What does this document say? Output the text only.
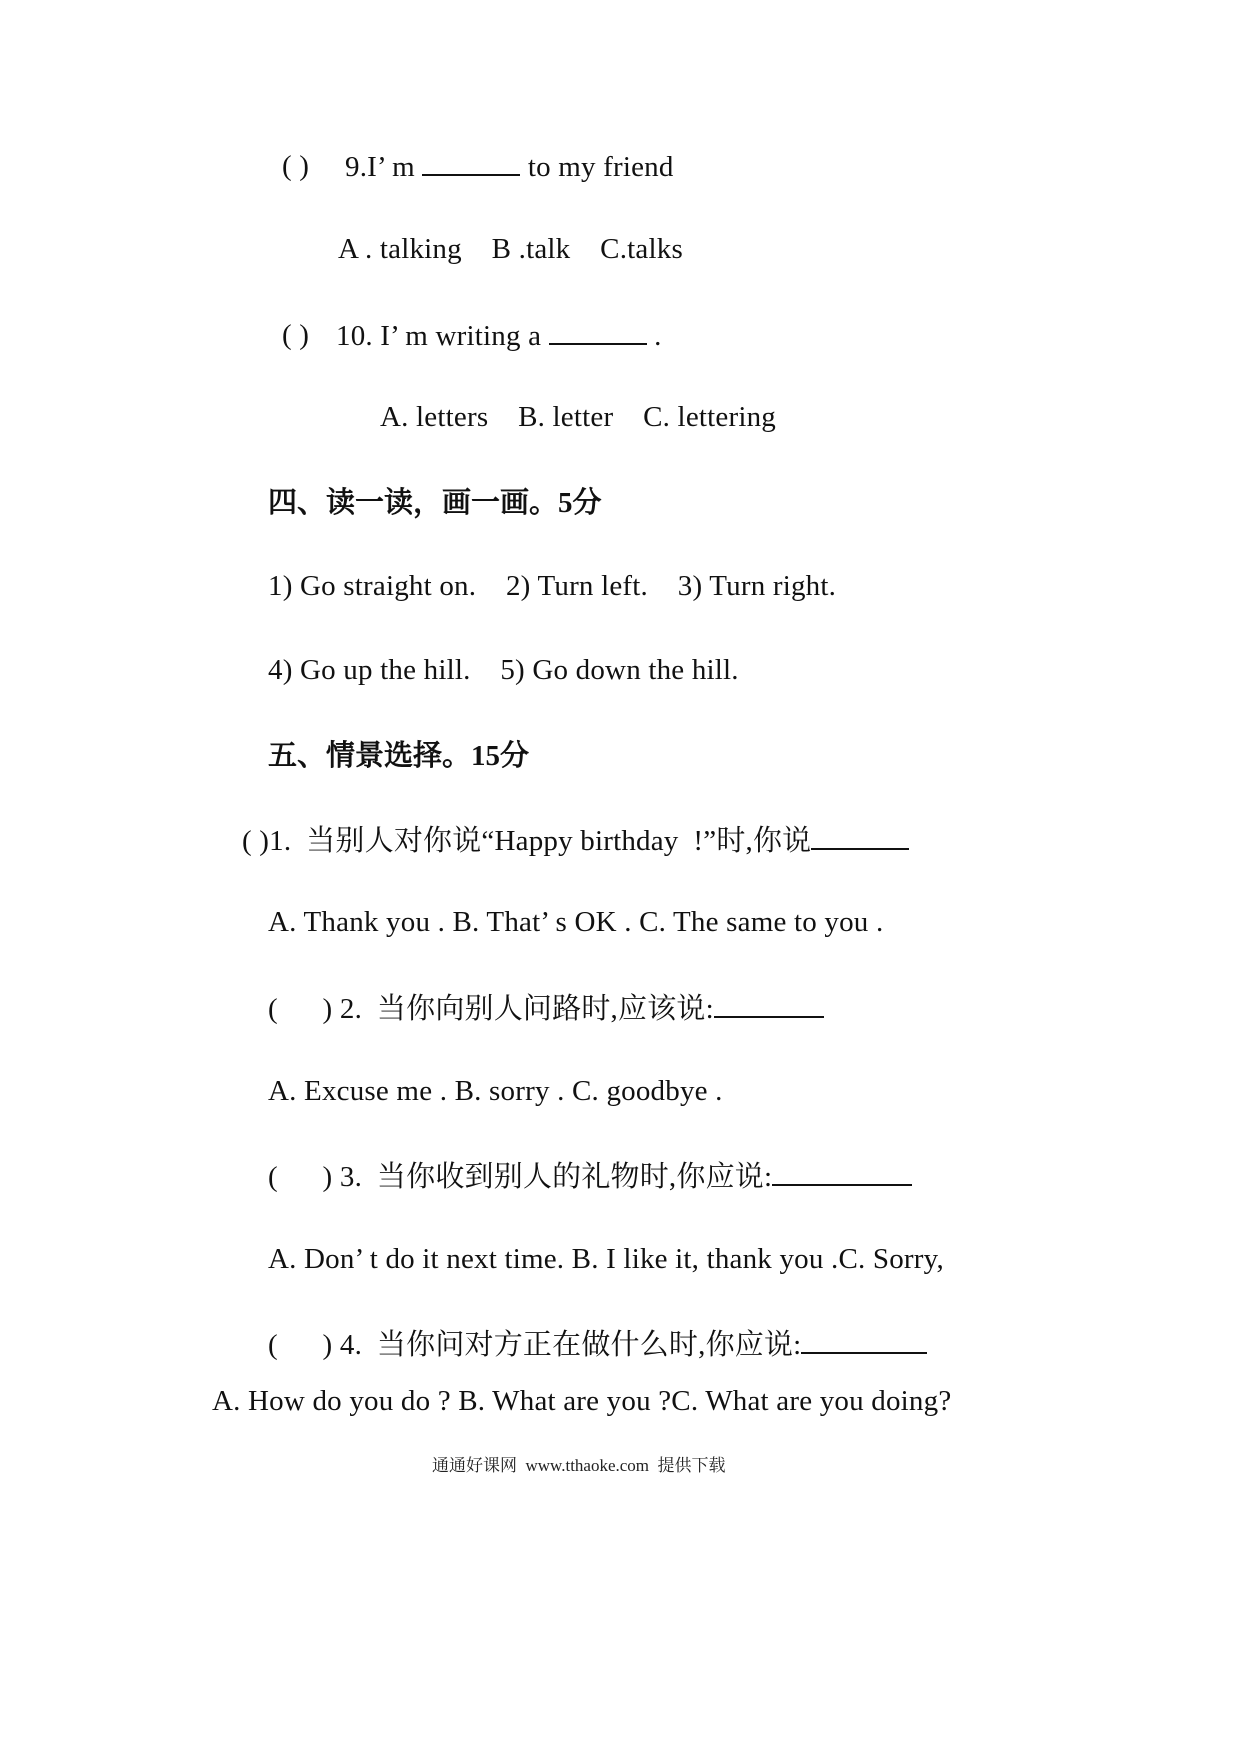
( ) 9.I’ m	to my friend
A . talking    B .talk    C.talks
( ) 10. I’ m writing a	.
A. letters    B. letter    C. lettering
四、读一读，画一画。5分
1) Go straight on.    2) Turn left.    3) Turn right.
4) Go up the hill.    5) Go down the hill.
五、情景选择。15分
( )1.  当别人对你说“Happy birthday  !”时,你说
A. Thank you . B. That’ s OK . C. The same to you .
(      ) 2.  当你向别人问路时,应该说:
A. Excuse me . B. sorry . C. goodbye .
(      ) 3.  当你收到别人的礼物时,你应说:
A. Don’ t do it next time. B. I like it, thank you .C. Sorry,
(      ) 4.  当你问对方正在做什么时,你应说:
A. How do you do ? B. What are you ?C. What are you doing?
通通好课网  www.tthaoke.com  提供下载
